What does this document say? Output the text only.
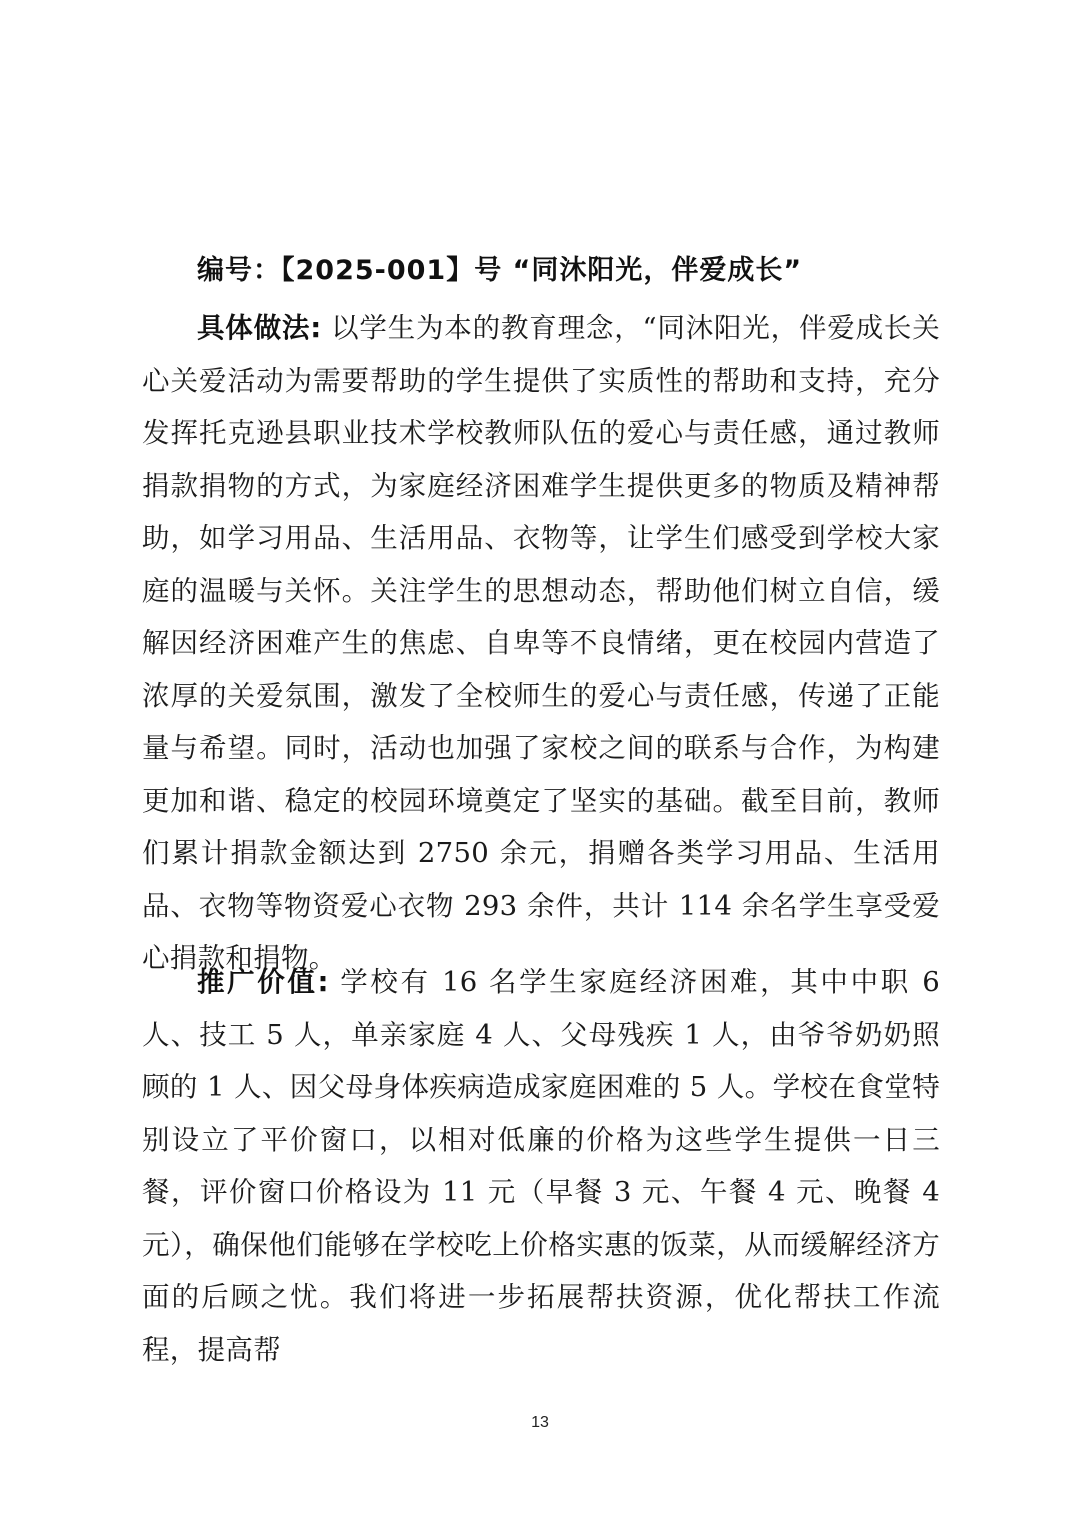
编号：【2025-001】号 “同沐阳光，伴爱成长”
具体做法: 以学生为本的教育理念，“同沐阳光，伴爱成长关心关爱活动为需要帮助的学生提供了实质性的帮助和支持，充分发挥托克逊县职业技术学校教师队伍的爱心与责任感，通过教师捐款捐物的方式，为家庭经济困难学生提供更多的物质及精神帮助，如学习用品、生活用品、衣物等，让学生们感受到学校大家庭的温暖与关怀。关注学生的思想动态，帮助他们树立自信，缓解因经济困难产生的焦虑、自卑等不良情绪，更在校园内营造了浓厚的关爱氛围，激发了全校师生的爱心与责任感，传递了正能量与希望。同时，活动也加强了家校之间的联系与合作，为构建更加和谐、稳定的校园环境奠定了坚实的基础。截至目前，教师们累计捐款金额达到 2750 余元，捐赠各类学习用品、生活用品、衣物等物资爱心衣物 293 余件，共计 114 余名学生享受爱心捐款和捐物。
推广价值: 学校有 16 名学生家庭经济困难，其中中职 6 人、技工 5 人，单亲家庭 4 人、父母残疾 1 人，由爷爷奶奶照顾的 1 人、因父母身体疾病造成家庭困难的 5 人。学校在食堂特别设立了平价窗口，以相对低廉的价格为这些学生提供一日三餐，评价窗口价格设为 11 元（早餐 3 元、午餐 4 元、晚餐 4 元），确保他们能够在学校吃上价格实惠的饭菜，从而缓解经济方面的后顾之忧。我们将进一步拓展帮扶资源，优化帮扶工作流程，提高帮
13
